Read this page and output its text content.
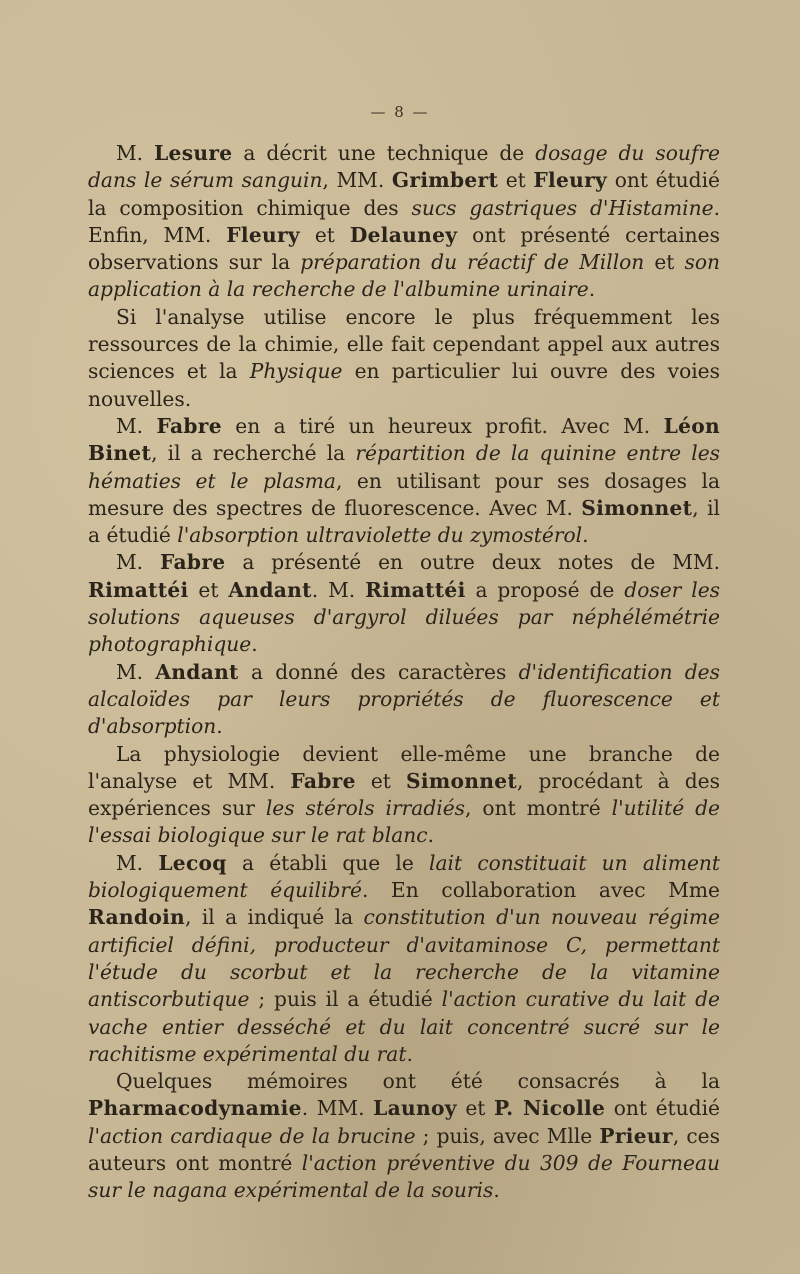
— 8 —

M. Lesure a décrit une technique de dosage du soufre dans le sérum sanguin, MM. Grimbert et Fleury ont étudié la composition chimique des sucs gastriques d'Histamine. Enfin, MM. Fleury et Delauney ont présenté certaines observations sur la préparation du réactif de Millon et son application à la recherche de l'albumine urinaire.

Si l'analyse utilise encore le plus fréquemment les ressources de la chimie, elle fait cependant appel aux autres sciences et la Physique en particulier lui ouvre des voies nouvelles.

M. Fabre en a tiré un heureux profit. Avec M. Léon Binet, il a recherché la répartition de la quinine entre les hématies et le plasma, en utilisant pour ses dosages la mesure des spectres de fluorescence. Avec M. Simonnet, il a étudié l'absorption ultraviolette du zymostérol.

M. Fabre a présenté en outre deux notes de MM. Rimattéi et Andant. M. Rimattéi a proposé de doser les solutions aqueuses d'argyrol diluées par néphélémétrie photographique.

M. Andant a donné des caractères d'identification des alcaloïdes par leurs propriétés de fluorescence et d'absorption.

La physiologie devient elle-même une branche de l'analyse et MM. Fabre et Simonnet, procédant à des expériences sur les stérols irradiés, ont montré l'utilité de l'essai biologique sur le rat blanc.

M. Lecoq a établi que le lait constituait un aliment biologiquement équilibré. En collaboration avec Mme Randoin, il a indiqué la constitution d'un nouveau régime artificiel défini, producteur d'avitaminose C, permettant l'étude du scorbut et la recherche de la vitamine antiscorbutique ; puis il a étudié l'action curative du lait de vache entier desséché et du lait concentré sucré sur le rachitisme expérimental du rat.

Quelques mémoires ont été consacrés à la Pharmacodynamie. MM. Launoy et P. Nicolle ont étudié l'action cardiaque de la brucine ; puis, avec Mlle Prieur, ces auteurs ont montré l'action préventive du 309 de Fourneau sur le nagana expérimental de la souris.
